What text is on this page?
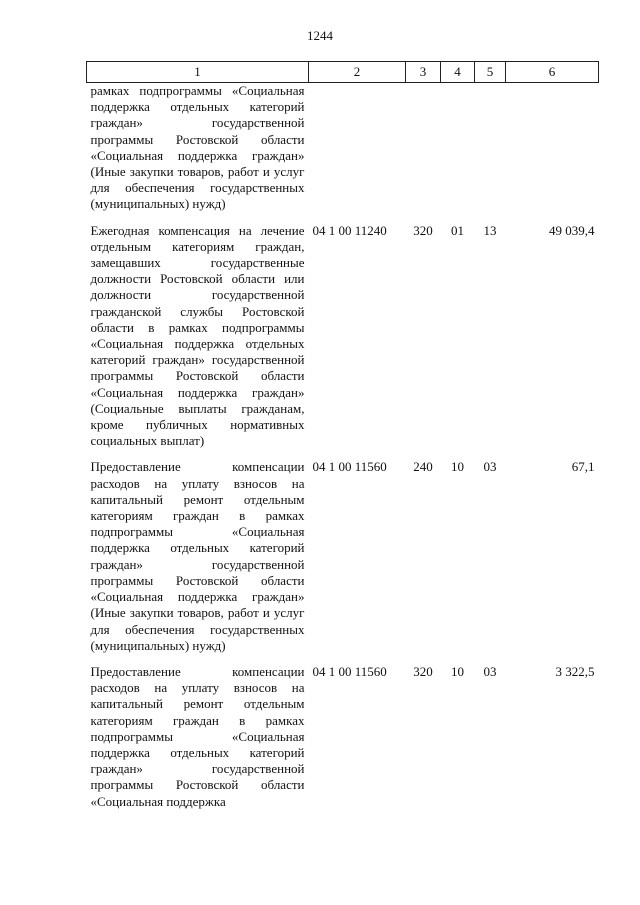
1244
1	2	3	4	5	6
рамках подпрограммы «Социальная поддержка отдельных категорий граждан» государственной программы Ростовской области «Социальная поддержка граждан» (Иные закупки товаров, работ и услуг для обеспечения государственных (муниципальных) нужд)					
Ежегодная компенсация на лечение отдельным категориям граждан, замещавших государственные должности Ростовской области или должности государственной гражданской службы Ростовской области в рамках подпрограммы «Социальная поддержка отдельных категорий граждан» государственной программы Ростовской области «Социальная поддержка граждан» (Социальные выплаты гражданам, кроме публичных нормативных социальных выплат)	04 1 00 11240	320	01	13	49 039,4
Предоставление компенсации расходов на уплату взносов на капитальный ремонт отдельным категориям граждан в рамках подпрограммы «Социальная поддержка отдельных категорий граждан» государственной программы Ростовской области «Социальная поддержка граждан» (Иные закупки товаров, работ и услуг для обеспечения государственных (муниципальных) нужд)	04 1 00 11560	240	10	03	67,1
Предоставление компенсации расходов на уплату взносов на капитальный ремонт отдельным категориям граждан в рамках подпрограммы «Социальная поддержка отдельных категорий граждан» государственной программы Ростовской области «Социальная поддержка	04 1 00 11560	320	10	03	3 322,5
